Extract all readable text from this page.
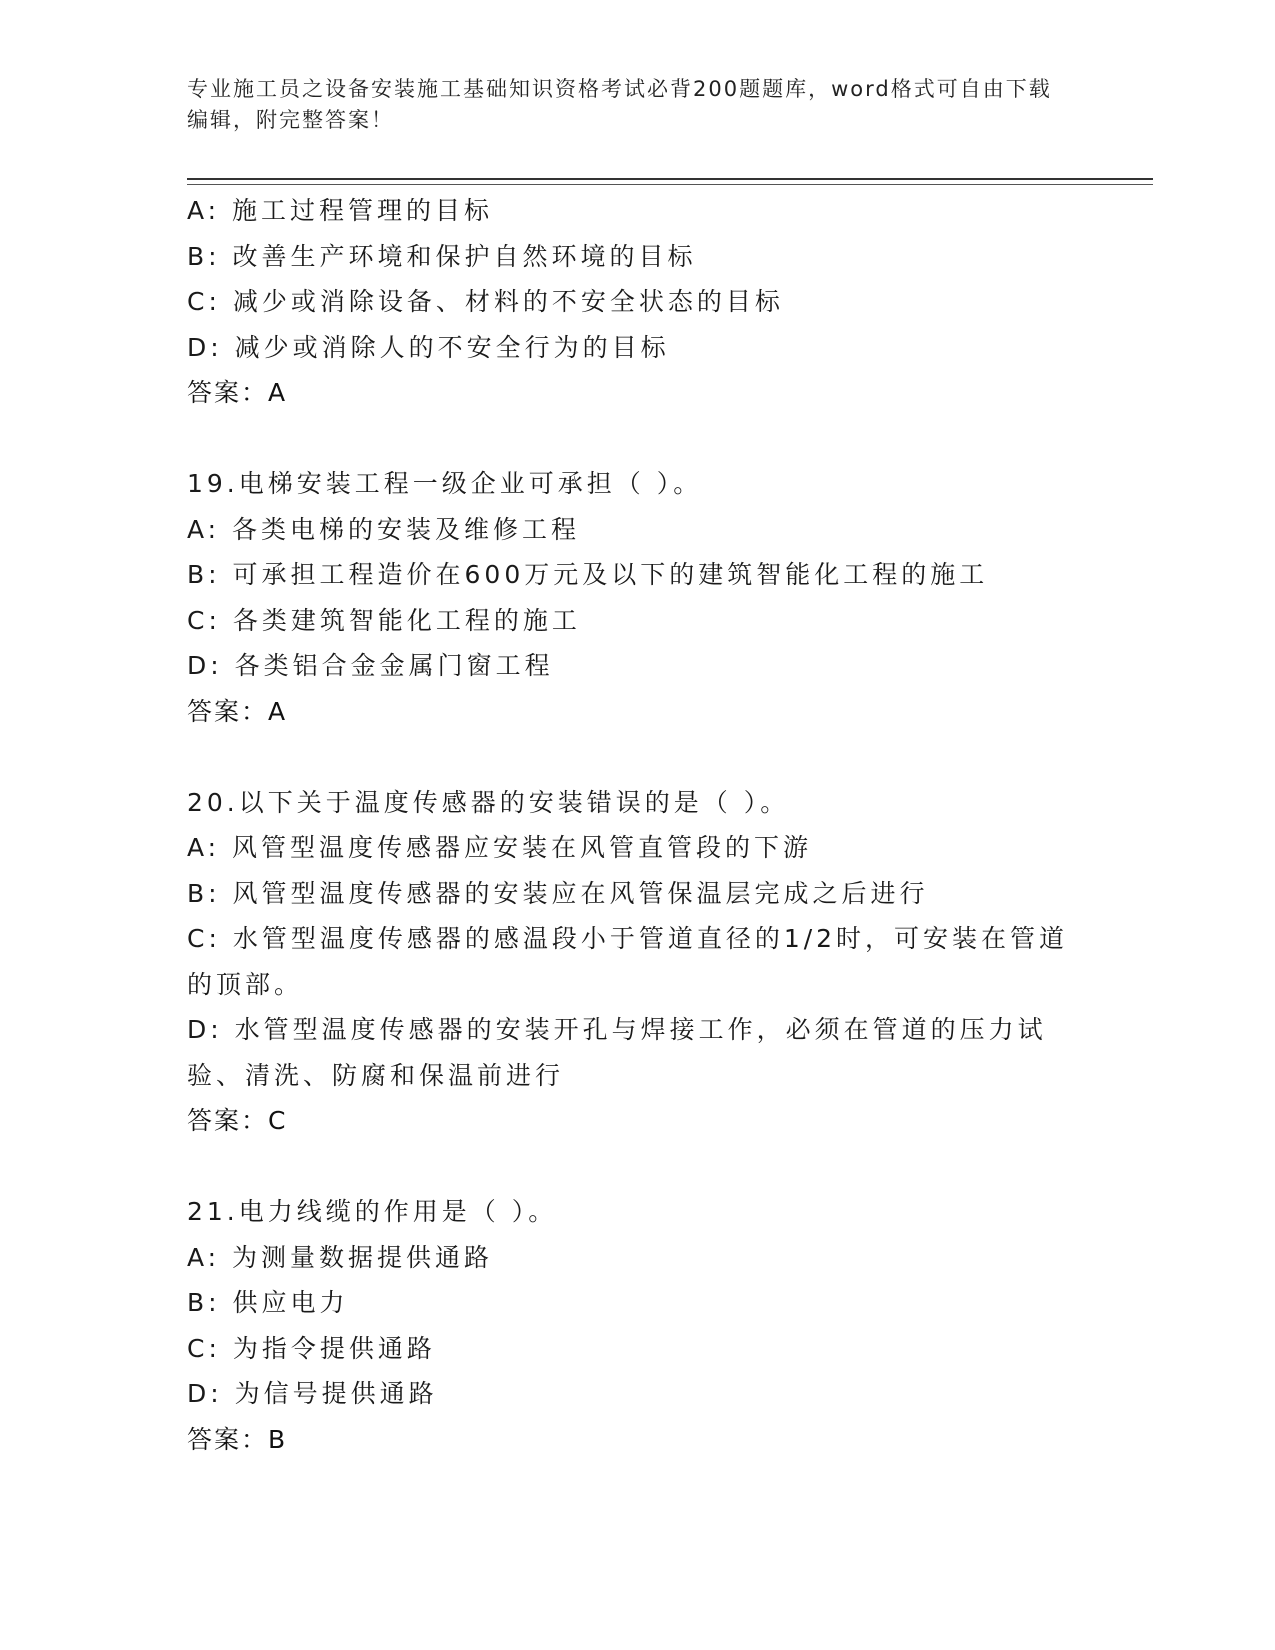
专业施工员之设备安装施工基础知识资格考试必背200题题库，word格式可自由下载编辑，附完整答案！
A: 施工过程管理的目标
B: 改善生产环境和保护自然环境的目标
C: 减少或消除设备、材料的不安全状态的目标
D: 减少或消除人的不安全行为的目标
答案：A
19.电梯安装工程一级企业可承担（ ）。
A: 各类电梯的安装及维修工程
B: 可承担工程造价在600万元及以下的建筑智能化工程的施工
C: 各类建筑智能化工程的施工
D: 各类铝合金金属门窗工程
答案：A
20.以下关于温度传感器的安装错误的是（ ）。
A: 风管型温度传感器应安装在风管直管段的下游
B: 风管型温度传感器的安装应在风管保温层完成之后进行
C: 水管型温度传感器的感温段小于管道直径的1/2时，可安装在管道的顶部。
D: 水管型温度传感器的安装开孔与焊接工作，必须在管道的压力试验、清洗、防腐和保温前进行
答案：C
21.电力线缆的作用是（ ）。
A: 为测量数据提供通路
B: 供应电力
C: 为指令提供通路
D: 为信号提供通路
答案：B
